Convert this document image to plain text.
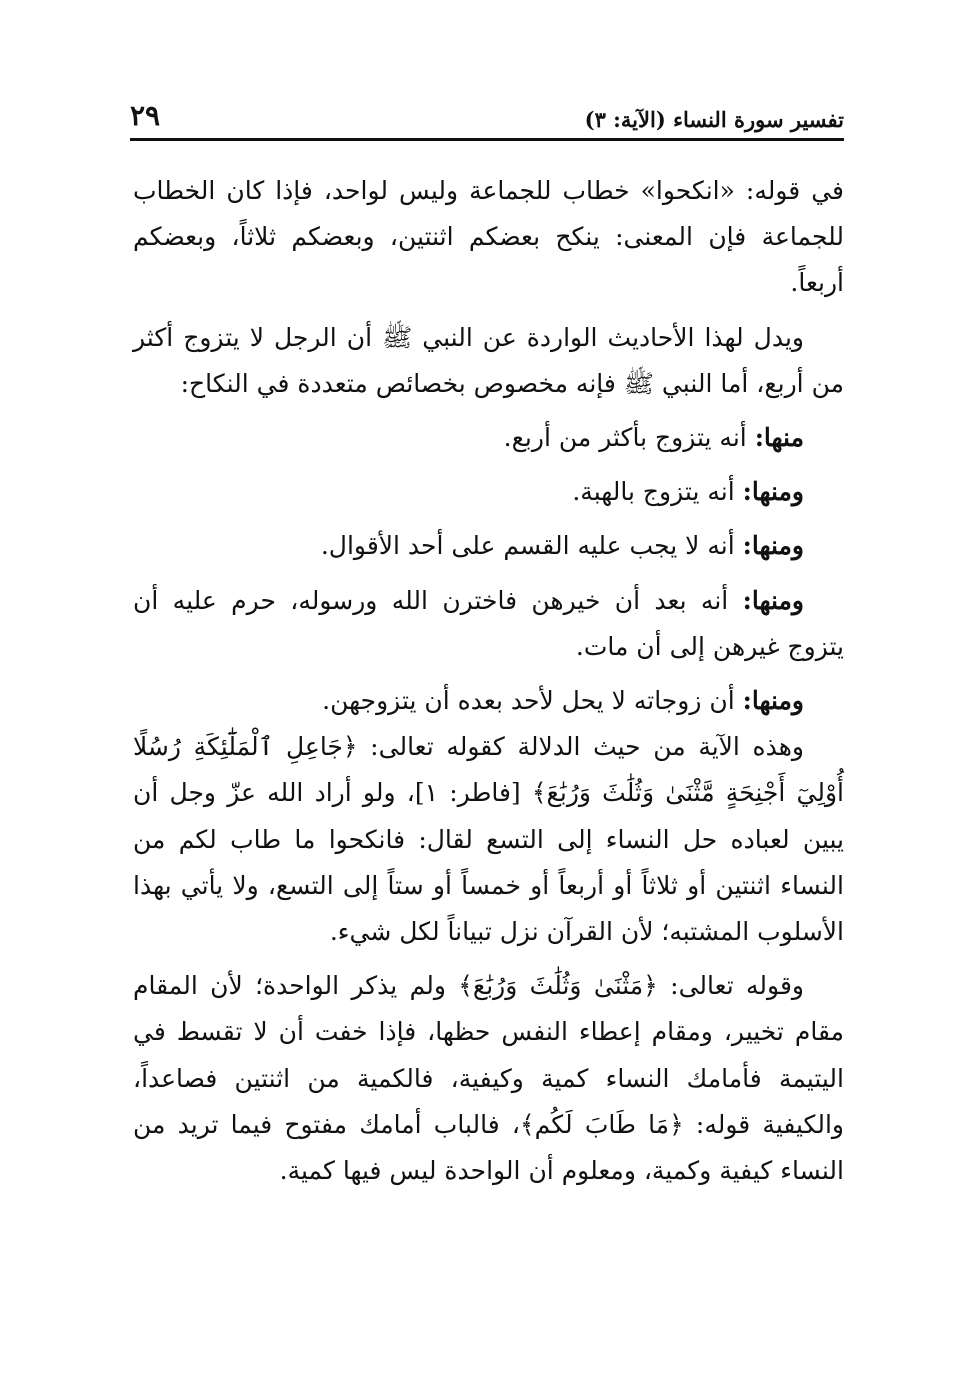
تفسير سورة النساء (الآية: ٣)
٢٩

في قوله: «انكحوا» خطاب للجماعة وليس لواحد، فإذا كان الخطاب للجماعة فإن المعنى: ينكح بعضكم اثنتين، وبعضكم ثلاثاً، وبعضكم أربعاً.

ويدل لهذا الأحاديث الواردة عن النبي ﷺ أن الرجل لا يتزوج أكثر من أربع، أما النبي ﷺ فإنه مخصوص بخصائص متعددة في النكاح:

منها: أنه يتزوج بأكثر من أربع.

ومنها: أنه يتزوج بالهبة.

ومنها: أنه لا يجب عليه القسم على أحد الأقوال.

ومنها: أنه بعد أن خيرهن فاخترن الله ورسوله، حرم عليه أن يتزوج غيرهن إلى أن مات.

ومنها: أن زوجاته لا يحل لأحد بعده أن يتزوجهن.

وهذه الآية من حيث الدلالة كقوله تعالى: ﴿جَاعِلِ ٱلْمَلَٰٓئِكَةِ رُسُلًا أُوْلِيٓ أَجْنِحَةٍ مَّثْنَىٰ وَثُلَٰثَ وَرُبَٰعَ﴾ [فاطر: ١]، ولو أراد الله عزّ وجل أن يبين لعباده حل النساء إلى التسع لقال: فانكحوا ما طاب لكم من النساء اثنتين أو ثلاثاً أو أربعاً أو خمساً أو ستاً إلى التسع، ولا يأتي بهذا الأسلوب المشتبه؛ لأن القرآن نزل تبياناً لكل شيء.

وقوله تعالى: ﴿مَثْنَىٰ وَثُلَٰثَ وَرُبَٰعَ﴾ ولم يذكر الواحدة؛ لأن المقام مقام تخيير، ومقام إعطاء النفس حظها، فإذا خفت أن لا تقسط في اليتيمة فأمامك النساء كمية وكيفية، فالكمية من اثنتين فصاعداً، والكيفية قوله: ﴿مَا طَابَ لَكُم﴾، فالباب أمامك مفتوح فيما تريد من النساء كيفية وكمية، ومعلوم أن الواحدة ليس فيها كمية.
